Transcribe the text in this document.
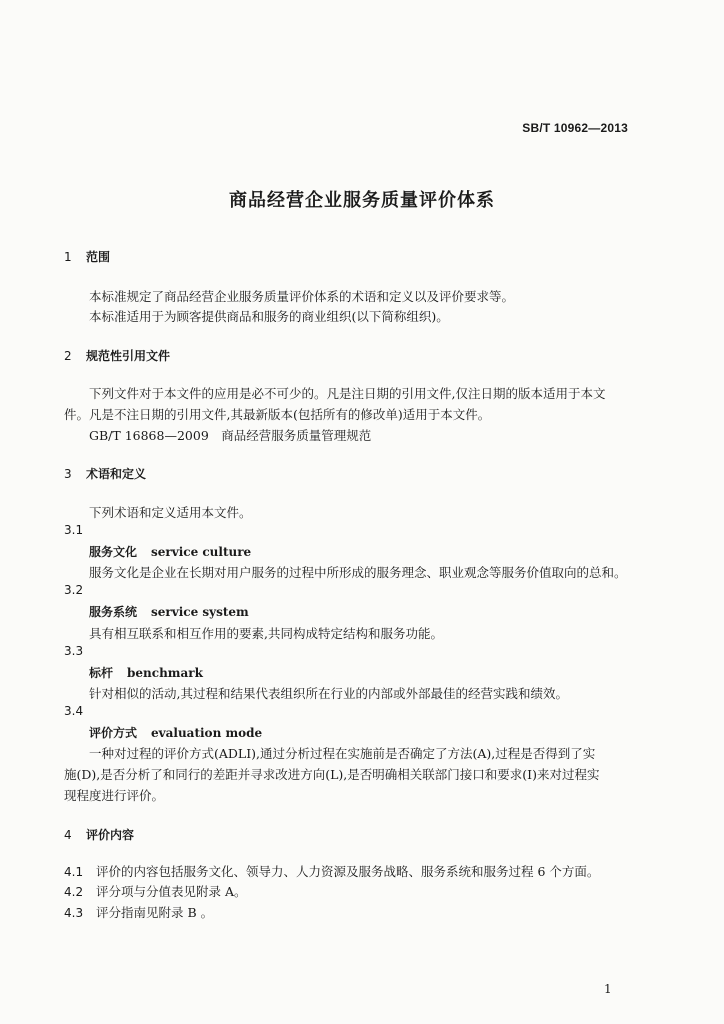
SB/T 10962—2013
商品经营企业服务质量评价体系
1 范围
本标准规定了商品经营企业服务质量评价体系的术语和定义以及评价要求等。
本标准适用于为顾客提供商品和服务的商业组织(以下简称组织)。
2 规范性引用文件
下列文件对于本文件的应用是必不可少的。凡是注日期的引用文件,仅注日期的版本适用于本文
件。凡是不注日期的引用文件,其最新版本(包括所有的修改单)适用于本文件。
GB/T 16868—2009　商品经营服务质量管理规范
3 术语和定义
下列术语和定义适用本文件。
3.1
服务文化 service culture
服务文化是企业在长期对用户服务的过程中所形成的服务理念、职业观念等服务价值取向的总和。
3.2
服务系统 service system
具有相互联系和相互作用的要素,共同构成特定结构和服务功能。
3.3
标杆 benchmark
针对相似的活动,其过程和结果代表组织所在行业的内部或外部最佳的经营实践和绩效。
3.4
评价方式 evaluation mode
一种对过程的评价方式(ADLI),通过分析过程在实施前是否确定了方法(A),过程是否得到了实
施(D),是否分析了和同行的差距并寻求改进方向(L),是否明确相关联部门接口和要求(I)来对过程实
现程度进行评价。
4 评价内容
4.1 评价的内容包括服务文化、领导力、人力资源及服务战略、服务系统和服务过程 6 个方面。
4.2 评分项与分值表见附录 A。
4.3 评分指南见附录 B 。
1
